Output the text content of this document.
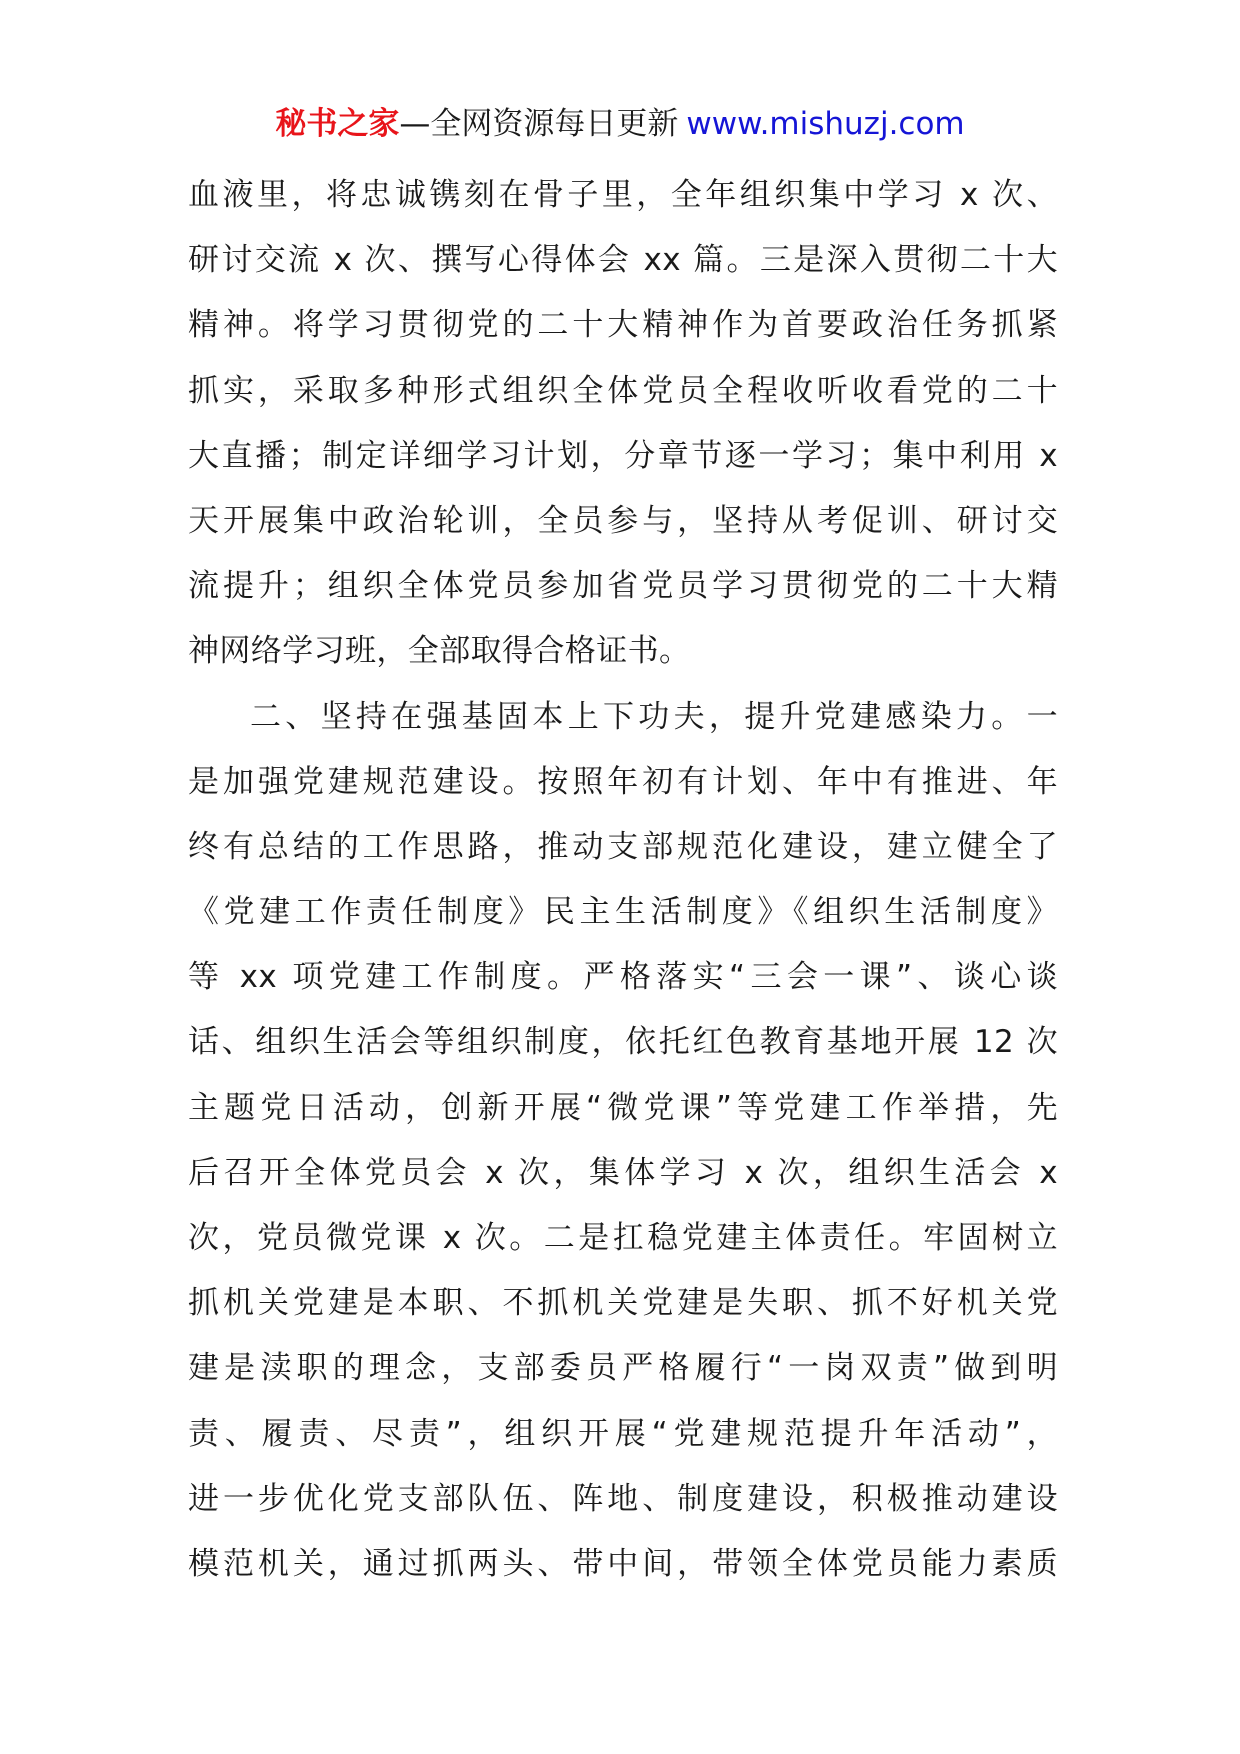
秘书之家—全网资源每日更新 www.mishuzj.com
血液里，将忠诚镌刻在骨子里，全年组织集中学习 x 次、
研讨交流 x 次、撰写心得体会 xx 篇。三是深入贯彻二十大
精神。将学习贯彻党的二十大精神作为首要政治任务抓紧
抓实，采取多种形式组织全体党员全程收听收看党的二十
大直播；制定详细学习计划，分章节逐一学习；集中利用 x
天开展集中政治轮训，全员参与，坚持从考促训、研讨交
流提升；组织全体党员参加省党员学习贯彻党的二十大精
神网络学习班，全部取得合格证书。
二、坚持在强基固本上下功夫，提升党建感染力。一
是加强党建规范建设。按照年初有计划、年中有推进、年
终有总结的工作思路，推动支部规范化建设，建立健全了
《党建工作责任制度》民主生活制度》《组织生活制度》
等 xx 项党建工作制度。严格落实“三会一课”、谈心谈
话、组织生活会等组织制度，依托红色教育基地开展 12 次
主题党日活动，创新开展“微党课”等党建工作举措，先
后召开全体党员会 x 次，集体学习 x 次，组织生活会 x
次，党员微党课 x 次。二是扛稳党建主体责任。牢固树立
抓机关党建是本职、不抓机关党建是失职、抓不好机关党
建是渎职的理念，支部委员严格履行“一岗双责”做到明
责、履责、尽责”，组织开展“党建规范提升年活动”，
进一步优化党支部队伍、阵地、制度建设，积极推动建设
模范机关，通过抓两头、带中间，带领全体党员能力素质
